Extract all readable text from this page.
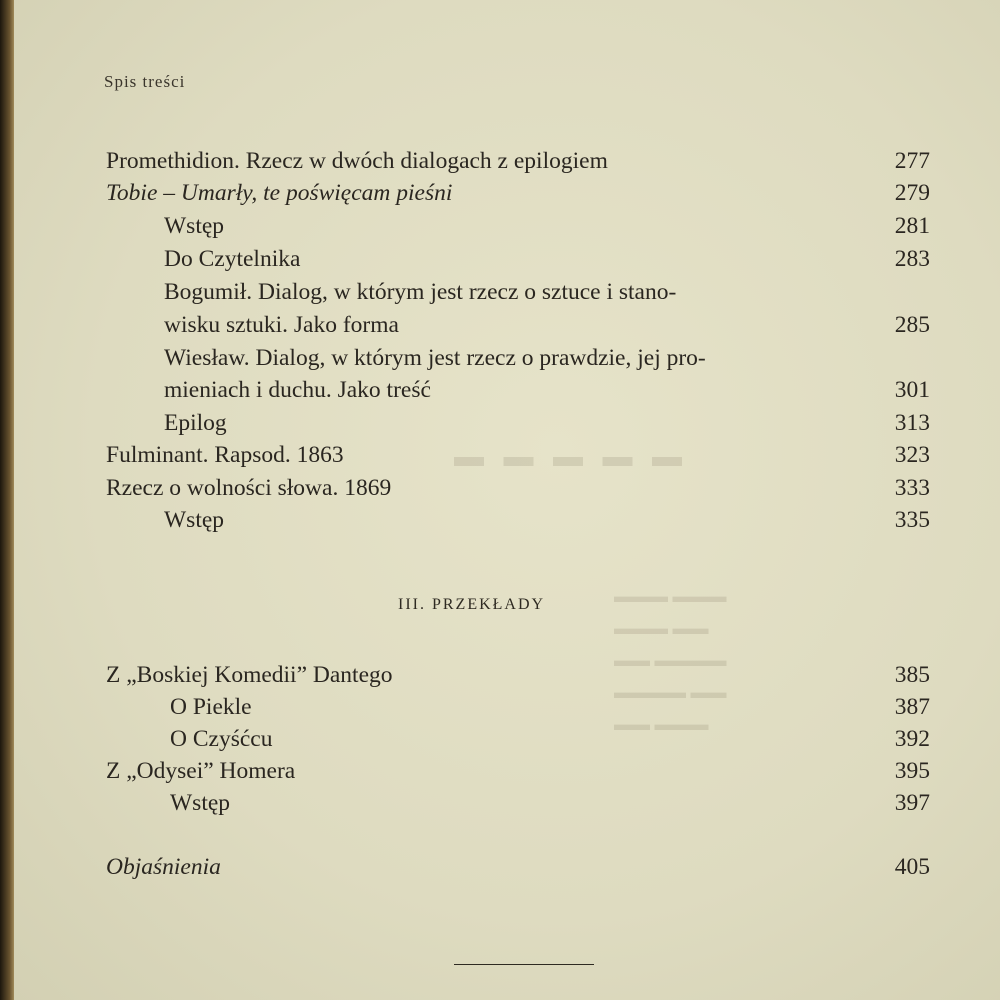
▬ ▬ ▬ ▬ ▬
▬▬▬ ▬▬▬
▬▬▬ ▬▬
▬▬ ▬▬▬▬
▬▬▬▬ ▬▬
▬▬ ▬▬▬
Spis treści
Promethidion. Rzecz w dwóch dialogach z epilogiem	277
Tobie – Umarły, te poświęcam pieśni	279
Wstęp	281
Do Czytelnika	283
Bogumił. Dialog, w którym jest rzecz o sztuce i stano-
wisku sztuki. Jako forma	285
Wiesław. Dialog, w którym jest rzecz o prawdzie, jej pro-
mieniach i duchu. Jako treść	301
Epilog	313
Fulminant. Rapsod. 1863	323
Rzecz o wolności słowa. 1869	333
Wstęp	335
III. PRZEKŁADY
Z „Boskiej Komedii” Dantego	385
O Piekle	387
O Czyśćcu	392
Z „Odysei” Homera	395
Wstęp	397
Objaśnienia	405
